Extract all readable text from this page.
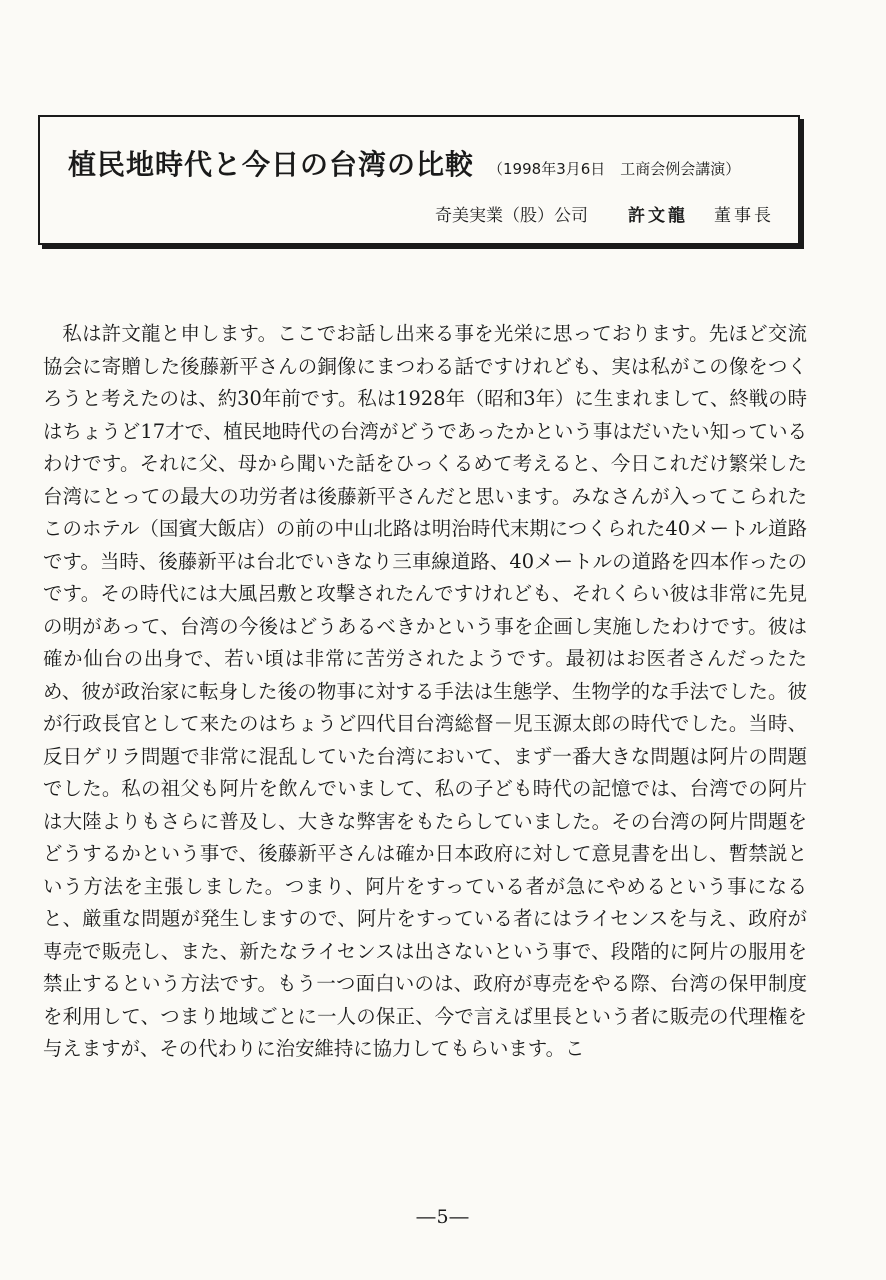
植民地時代と今日の台湾の比較 （1998年3月6日　工商会例会講演）
奇美実業（股）公司 許文龍 董事長

私は許文龍と申します。ここでお話し出来る事を光栄に思っております。先ほど交流協会に寄贈した後藤新平さんの銅像にまつわる話ですけれども、実は私がこの像をつくろうと考えたのは、約30年前です。私は1928年（昭和3年）に生まれまして、終戦の時はちょうど17才で、植民地時代の台湾がどうであったかという事はだいたい知っているわけです。それに父、母から聞いた話をひっくるめて考えると、今日これだけ繁栄した台湾にとっての最大の功労者は後藤新平さんだと思います。みなさんが入ってこられたこのホテル（国賓大飯店）の前の中山北路は明治時代末期につくられた40メートル道路です。当時、後藤新平は台北でいきなり三車線道路、40メートルの道路を四本作ったのです。その時代には大風呂敷と攻撃されたんですけれども、それくらい彼は非常に先見の明があって、台湾の今後はどうあるべきかという事を企画し実施したわけです。彼は確か仙台の出身で、若い頃は非常に苦労されたようです。最初はお医者さんだったため、彼が政治家に転身した後の物事に対する手法は生態学、生物学的な手法でした。彼が行政長官として来たのはちょうど四代目台湾総督－児玉源太郎の時代でした。当時、反日ゲリラ問題で非常に混乱していた台湾において、まず一番大きな問題は阿片の問題でした。私の祖父も阿片を飲んでいまして、私の子ども時代の記憶では、台湾での阿片は大陸よりもさらに普及し、大きな弊害をもたらしていました。その台湾の阿片問題をどうするかという事で、後藤新平さんは確か日本政府に対して意見書を出し、暫禁説という方法を主張しました。つまり、阿片をすっている者が急にやめるという事になると、厳重な問題が発生しますので、阿片をすっている者にはライセンスを与え、政府が専売で販売し、また、新たなライセンスは出さないという事で、段階的に阿片の服用を禁止するという方法です。もう一つ面白いのは、政府が専売をやる際、台湾の保甲制度を利用して、つまり地域ごとに一人の保正、今で言えば里長という者に販売の代理権を与えますが、その代わりに治安維持に協力してもらいます。こ

―5―
